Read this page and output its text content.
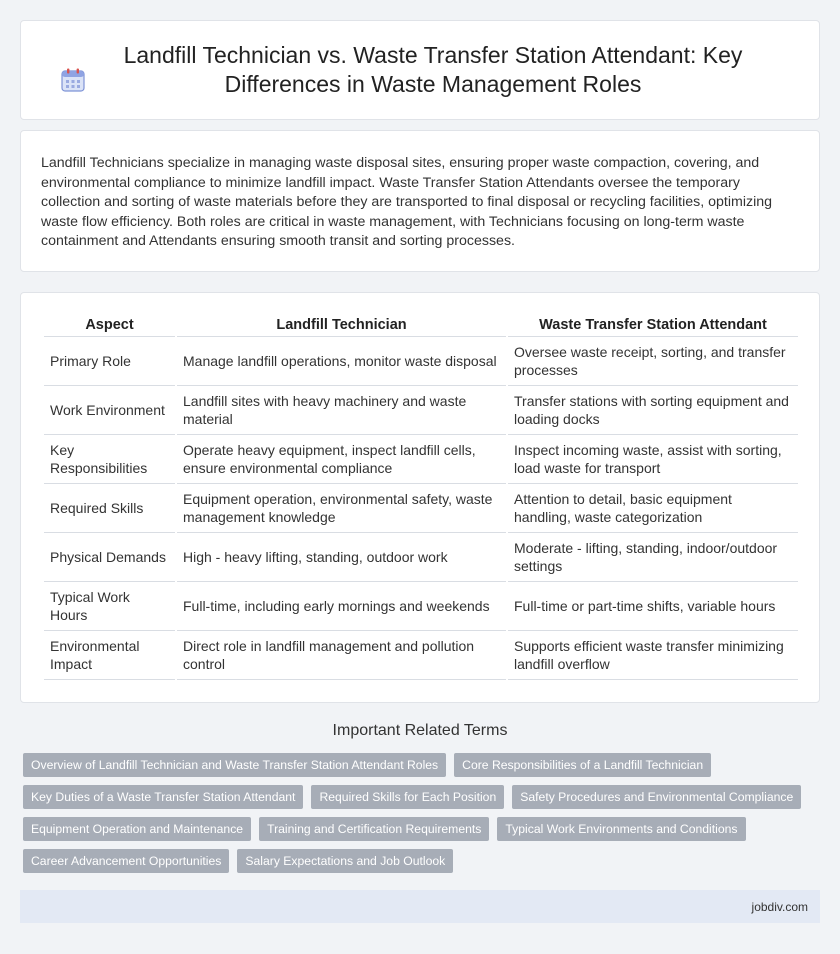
Landfill Technician vs. Waste Transfer Station Attendant: Key Differences in Waste Management Roles

Landfill Technicians specialize in managing waste disposal sites, ensuring proper waste compaction, covering, and environmental compliance to minimize landfill impact. Waste Transfer Station Attendants oversee the temporary collection and sorting of waste materials before they are transported to final disposal or recycling facilities, optimizing waste flow efficiency. Both roles are critical in waste management, with Technicians focusing on long-term waste containment and Attendants ensuring smooth transit and sorting processes.

Aspect	Landfill Technician	Waste Transfer Station Attendant
Primary Role	Manage landfill operations, monitor waste disposal	Oversee waste receipt, sorting, and transfer processes
Work Environment	Landfill sites with heavy machinery and waste material	Transfer stations with sorting equipment and loading docks
Key Responsibilities	Operate heavy equipment, inspect landfill cells, ensure environmental compliance	Inspect incoming waste, assist with sorting, load waste for transport
Required Skills	Equipment operation, environmental safety, waste management knowledge	Attention to detail, basic equipment handling, waste categorization
Physical Demands	High - heavy lifting, standing, outdoor work	Moderate - lifting, standing, indoor/outdoor settings
Typical Work Hours	Full-time, including early mornings and weekends	Full-time or part-time shifts, variable hours
Environmental Impact	Direct role in landfill management and pollution control	Supports efficient waste transfer minimizing landfill overflow
Important Related Terms
Overview of Landfill Technician and Waste Transfer Station Attendant Roles	Core Responsibilities of a Landfill Technician
Key Duties of a Waste Transfer Station Attendant	Required Skills for Each Position	Safety Procedures and Environmental Compliance
Equipment Operation and Maintenance	Training and Certification Requirements	Typical Work Environments and Conditions
Career Advancement Opportunities	Salary Expectations and Job Outlook
jobdiv.com
